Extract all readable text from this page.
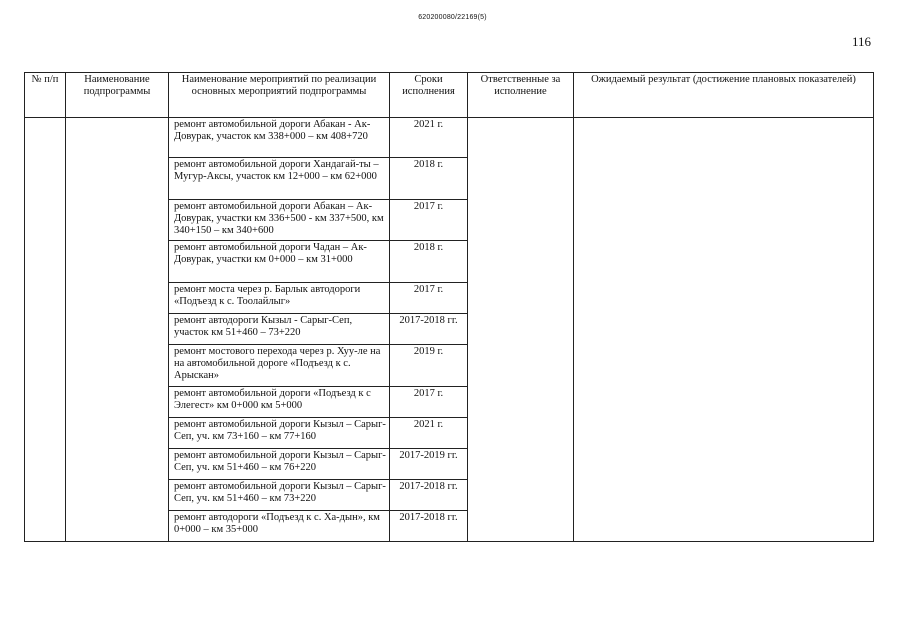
620200080/22169(5)
116
№ п/п	Наименование подпрограммы	Наименование мероприятий по реализации основных мероприятий подпрограммы	Сроки исполнения	Ответственные за исполнение	Ожидаемый результат (достижение плановых показателей)
		ремонт автомобильной дороги Абакан - Ак-Довурак, участок км 338+000 – км 408+720	2021 г.		
		ремонт автомобильной дороги Хандагай-ты – Мугур-Аксы, участок км 12+000 – км 62+000	2018 г.		
		ремонт автомобильной дороги Абакан – Ак-Довурак, участки км 336+500 - км 337+500, км 340+150 – км 340+600	2017 г.		
		ремонт автомобильной дороги Чадан – Ак-Довурак, участки км 0+000 – км 31+000	2018 г.		
		ремонт моста через р. Барлык автодороги «Подъезд к с. Тоолайлыг»	2017 г.		
		ремонт автодороги Кызыл - Сарыг-Сеп, участок км 51+460 – 73+220	2017-2018 гг.		
		ремонт мостового перехода через р. Хуу-ле на на автомобильной дороге «Подъезд к с. Арыскан»	2019 г.		
		ремонт автомобильной дороги «Подъезд к с Элегест» км 0+000 км 5+000	2017 г.		
		ремонт автомобильной дороги Кызыл – Сарыг-Сеп, уч. км 73+160 – км 77+160	2021 г.		
		ремонт автомобильной дороги Кызыл – Сарыг-Сеп, уч. км 51+460 – км 76+220	2017-2019 гг.		
		ремонт автомобильной дороги Кызыл – Сарыг-Сеп, уч. км 51+460 – км 73+220	2017-2018 гг.		
		ремонт автодороги «Подъезд к с. Ха-дын», км 0+000 – км 35+000	2017-2018 гг.		
